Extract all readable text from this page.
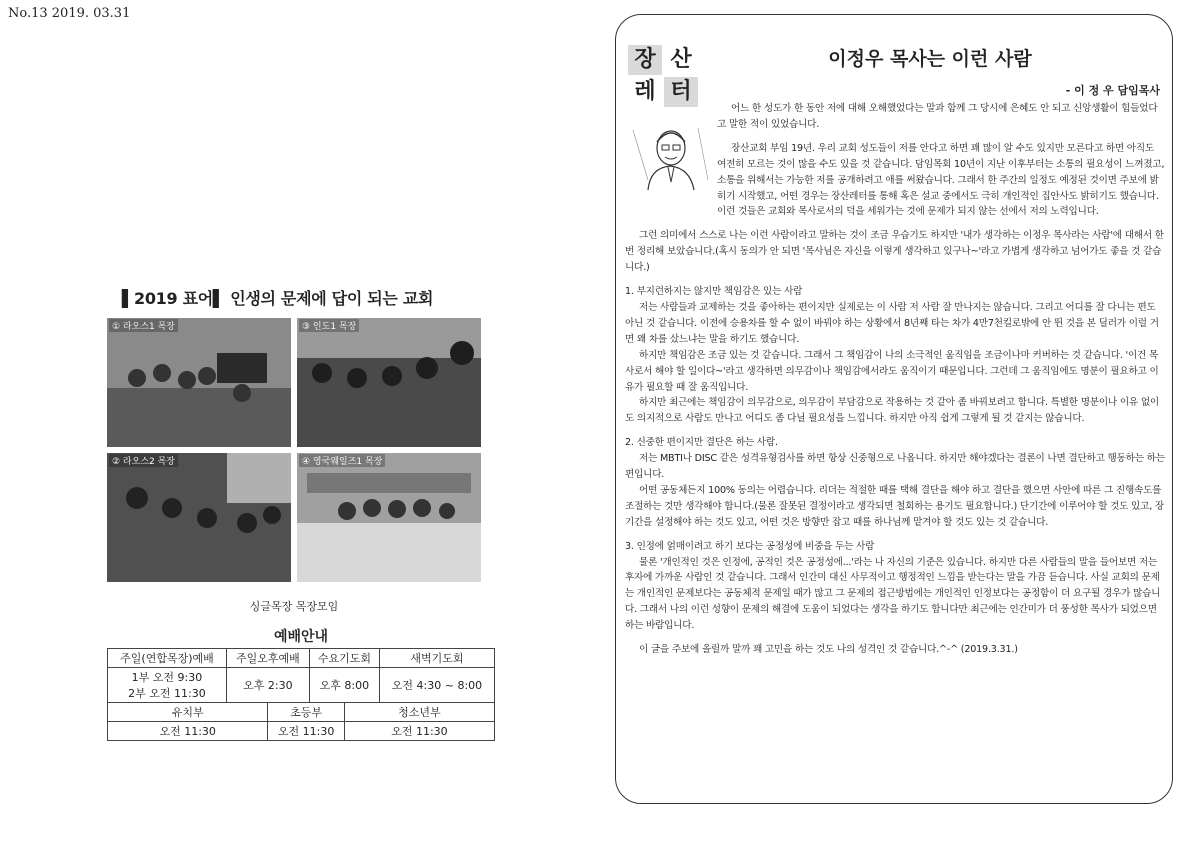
No.13 2019. 03.31
▌2019 표어▌ 인생의 문제에 답이 되는 교회
① 라오스1 목장	③ 인도1 목장
② 라오스2 목장	④ 영국웨일즈1 목장
싱글목장 목장모임
예배안내					
주일(연합목장)예배	주일오후예배		수요기도회		새벽기도회

1부 오전 9:30
2부 오전 11:30	오후 2:30		오후 8:00		오전 4:30 ~ 8:00
유치부		초등부		청소년부	
오전 11:30		오전 11:30		오전 11:30	
장 산
레 터
이정우 목사는 이런 사람
- 이 정 우 담임목사

어느 한 성도가 한 동안 저에 대해 오해했었다는 말과 함께 그 당시에 은혜도 안 되고 신앙생활이 힘들었다고 말한 적이 있었습니다.

장산교회 부임 19년. 우리 교회 성도들이 저를 안다고 하면 꽤 많이 알 수도 있지만 모른다고 하면 아직도 여전히 모르는 것이 많을 수도 있을 것 같습니다. 담임목회 10년이 지난 이후부터는 소통의 필요성이 느껴졌고, 소통을 위해서는 가능한 저를 공개하려고 애를 써왔습니다. 그래서 한 주간의 일정도 예정된 것이면 주보에 밝히기 시작했고, 어떤 경우는 장산레터를 통해 혹은 설교 중에서도 극히 개인적인 집안사도 밝히기도 했습니다. 이런 것들은 교회와 목사로서의 덕을 세워가는 것에 문제가 되지 않는 선에서 저의 노력입니다.

그런 의미에서 스스로 나는 이런 사람이라고 말하는 것이 조금 우습기도 하지만 '내가 생각하는 이정우 목사라는 사람'에 대해서 한 번 정리해 보았습니다.(혹시 동의가 안 되면 '목사님은 자신을 이렇게 생각하고 있구나~'라고 가볍게 생각하고 넘어가도 좋을 것 같습니다.)

1. 부지런하지는 않지만 책임감은 있는 사람

저는 사람들과 교제하는 것을 좋아하는 편이지만 실제로는 이 사람 저 사람 잘 만나지는 않습니다. 그리고 어디를 잘 다니는 편도 아닌 것 같습니다. 이전에 승용차를 할 수 없이 바꿔야 하는 상황에서 8년째 타는 차가 4만7천킬로밖에 안 뛴 것을 본 딜러가 이럴 거면 왜 차를 샀느냐는 말을 하기도 했습니다.

하지만 책임감은 조금 있는 것 같습니다. 그래서 그 책임감이 나의 소극적인 움직임을 조금이나마 커버하는 것 같습니다. '이건 목사로서 해야 할 일이다~'라고 생각하면 의무감이나 책임감에서라도 움직이기 때문입니다. 그런데 그 움직임에도 명분이 필요하고 이유가 필요할 때 잘 움직입니다.

하지만 최근에는 책임감이 의무감으로, 의무감이 부담감으로 작용하는 것 같아 좀 바꿔보려고 합니다. 특별한 명분이나 이유 없이도 의지적으로 사람도 만나고 어디도 좀 다닐 필요성을 느낍니다. 하지만 아직 쉽게 그렇게 될 것 같지는 않습니다.

2. 신중한 편이지만 결단은 하는 사람.

저는 MBTI나 DISC 같은 성격유형검사를 하면 항상 신중형으로 나옵니다. 하지만 해야겠다는 결론이 나면 결단하고 행동하는 하는 편입니다.

어떤 공동체든지 100% 동의는 어렵습니다. 리더는 적절한 때를 택해 결단을 해야 하고 결단을 했으면 사안에 따른 그 진행속도를 조절하는 것만 생각해야 합니다.(물론 잘못된 결정이라고 생각되면 철회하는 용기도 필요합니다.) 단기간에 이루어야 할 것도 있고, 장기간을 설정해야 하는 것도 있고, 어떤 것은 방향만 잡고 때를 하나님께 맡겨야 할 것도 있는 것 같습니다.

3. 인정에 얽매이려고 하기 보다는 공정성에 비중을 두는 사람

물론 '개인적인 것은 인정에, 공적인 것은 공정성에...'라는 나 자신의 기준은 있습니다. 하지만 다른 사람들의 말을 들어보면 저는 후자에 가까운 사람인 것 같습니다. 그래서 인간미 대신 사무적이고 행정적인 느낌을 받는다는 말을 가끔 듣습니다. 사실 교회의 문제는 개인적인 문제보다는 공동체적 문제일 때가 많고 그 문제의 접근방법에는 개인적인 인정보다는 공정함이 더 요구될 경우가 많습니다. 그래서 나의 이런 성향이 문제의 해결에 도움이 되었다는 생각을 하기도 합니다만 최근에는 인간미가 더 풍성한 목사가 되었으면 하는 바람입니다.

이 글을 주보에 올릴까 말까 꽤 고민을 하는 것도 나의 성격인 것 같습니다.^-^ (2019.3.31.)
